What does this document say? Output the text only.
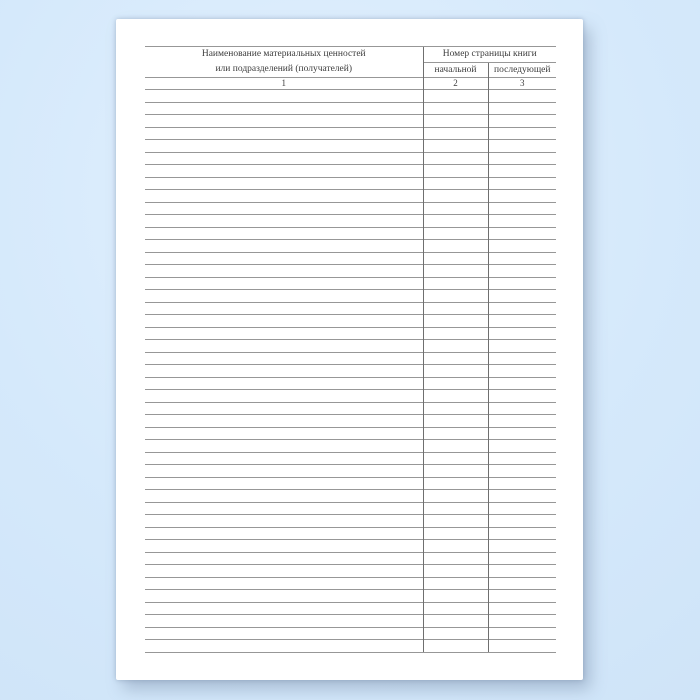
Наименование материальных ценностей
или подразделений (получателей)	Номер страницы книги	
	начальной	последующей
1	2	3
